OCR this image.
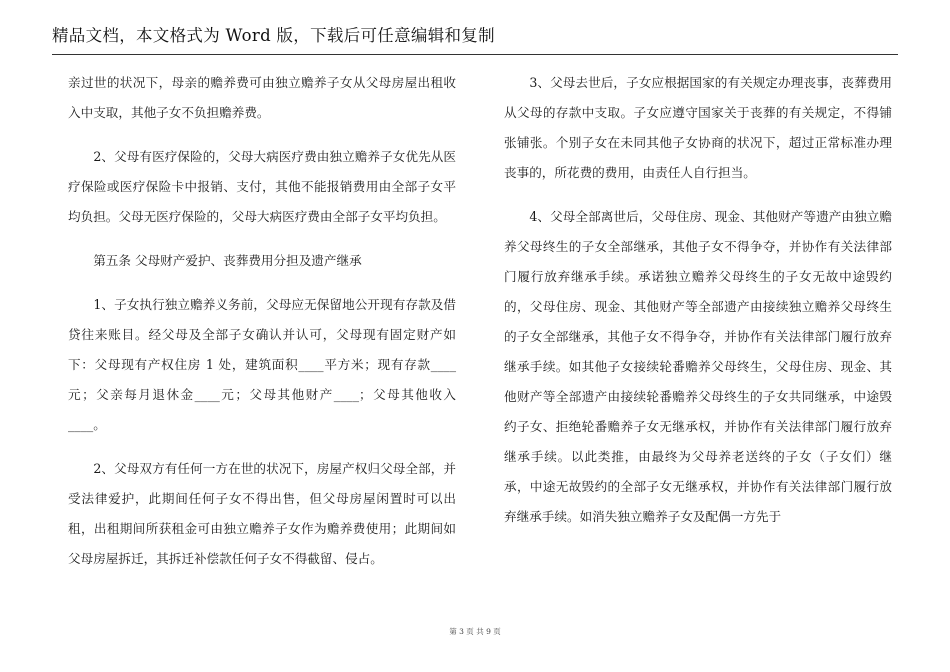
精品文档，本文格式为 Word 版，下载后可任意编辑和复制

亲过世的状况下，母亲的赡养费可由独立赡养子女从父母房屋出租收入中支取，其他子女不负担赡养费。

　　2、父母有医疗保险的，父母大病医疗费由独立赡养子女优先从医疗保险或医疗保险卡中报销、支付，其他不能报销费用由全部子女平均负担。父母无医疗保险的，父母大病医疗费由全部子女平均负担。

　　第五条 父母财产爱护、丧葬费用分担及遗产继承

　　1、子女执行独立赡养义务前，父母应无保留地公开现有存款及借贷往来账目。经父母及全部子女确认并认可，父母现有固定财产如下：父母现有产权住房 1 处，建筑面积____平方米；现有存款____元；父亲每月退休金____元；父母其他财产____；父母其他收入____。

　　2、父母双方有任何一方在世的状况下，房屋产权归父母全部，并受法律爱护，此期间任何子女不得出售，但父母房屋闲置时可以出租，出租期间所获租金可由独立赡养子女作为赡养费使用；此期间如父母房屋拆迁，其拆迁补偿款任何子女不得截留、侵占。

　　3、父母去世后，子女应根据国家的有关规定办理丧事，丧葬费用从父母的存款中支取。子女应遵守国家关于丧葬的有关规定，不得铺张铺张。个别子女在未同其他子女协商的状况下，超过正常标准办理丧事的，所花费的费用，由责任人自行担当。

　　4、父母全部离世后，父母住房、现金、其他财产等遗产由独立赡养父母终生的子女全部继承，其他子女不得争夺，并协作有关法律部门履行放弃继承手续。承诺独立赡养父母终生的子女无故中途毁约的，父母住房、现金、其他财产等全部遗产由接续独立赡养父母终生的子女全部继承，其他子女不得争夺，并协作有关法律部门履行放弃继承手续。如其他子女接续轮番赡养父母终生，父母住房、现金、其他财产等全部遗产由接续轮番赡养父母终生的子女共同继承，中途毁约子女、拒绝轮番赡养子女无继承权，并协作有关法律部门履行放弃继承手续。以此类推，由最终为父母养老送终的子女（子女们）继承，中途无故毁约的全部子女无继承权，并协作有关法律部门履行放弃继承手续。如消失独立赡养子女及配偶一方先于

第 3 页 共 9 页
